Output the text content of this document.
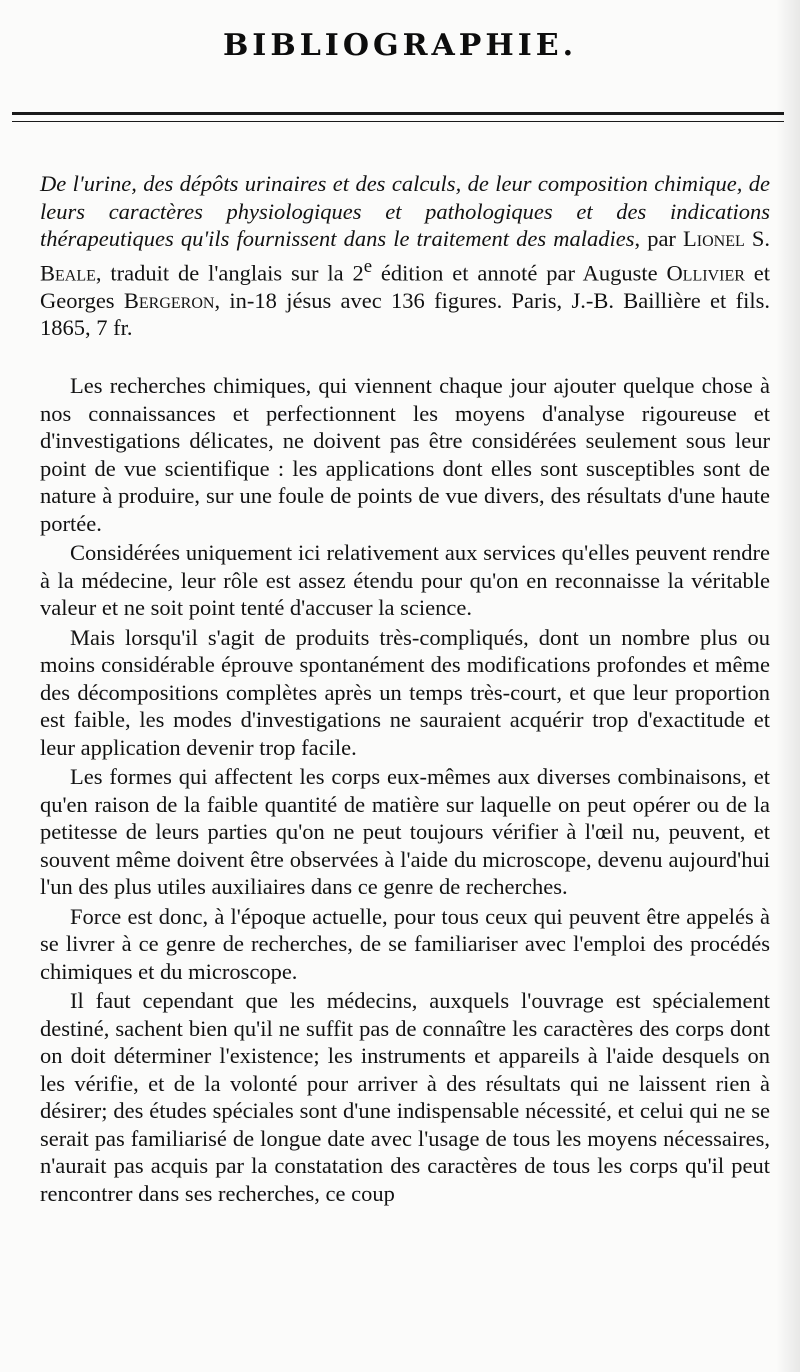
BIBLIOGRAPHIE.
De l'urine, des dépôts urinaires et des calculs, de leur composition chimique, de leurs caractères physiologiques et pathologiques et des indications thérapeutiques qu'ils fournissent dans le traitement des maladies, par Lionel S. Beale, traduit de l'anglais sur la 2e édition et annoté par Auguste Ollivier et Georges Bergeron, in-18 jésus avec 136 figures. Paris, J.-B. Baillière et fils. 1865, 7 fr.

Les recherches chimiques, qui viennent chaque jour ajouter quelque chose à nos connaissances et perfectionnent les moyens d'analyse rigoureuse et d'investigations délicates, ne doivent pas être considérées seulement sous leur point de vue scientifique : les applications dont elles sont susceptibles sont de nature à produire, sur une foule de points de vue divers, des résultats d'une haute portée.

Considérées uniquement ici relativement aux services qu'elles peuvent rendre à la médecine, leur rôle est assez étendu pour qu'on en reconnaisse la véritable valeur et ne soit point tenté d'accuser la science.

Mais lorsqu'il s'agit de produits très-compliqués, dont un nombre plus ou moins considérable éprouve spontanément des modifications profondes et même des décompositions complètes après un temps très-court, et que leur proportion est faible, les modes d'investigations ne sauraient acquérir trop d'exactitude et leur application devenir trop facile.

Les formes qui affectent les corps eux-mêmes aux diverses combinaisons, et qu'en raison de la faible quantité de matière sur laquelle on peut opérer ou de la petitesse de leurs parties qu'on ne peut toujours vérifier à l'œil nu, peuvent, et souvent même doivent être observées à l'aide du microscope, devenu aujourd'hui l'un des plus utiles auxiliaires dans ce genre de recherches.

Force est donc, à l'époque actuelle, pour tous ceux qui peuvent être appelés à se livrer à ce genre de recherches, de se familiariser avec l'emploi des procédés chimiques et du microscope.

Il faut cependant que les médecins, auxquels l'ouvrage est spécialement destiné, sachent bien qu'il ne suffit pas de connaître les caractères des corps dont on doit déterminer l'existence; les instruments et appareils à l'aide desquels on les vérifie, et de la volonté pour arriver à des résultats qui ne laissent rien à désirer; des études spéciales sont d'une indispensable nécessité, et celui qui ne se serait pas familiarisé de longue date avec l'usage de tous les moyens nécessaires, n'aurait pas acquis par la constatation des caractères de tous les corps qu'il peut rencontrer dans ses recherches, ce coup
